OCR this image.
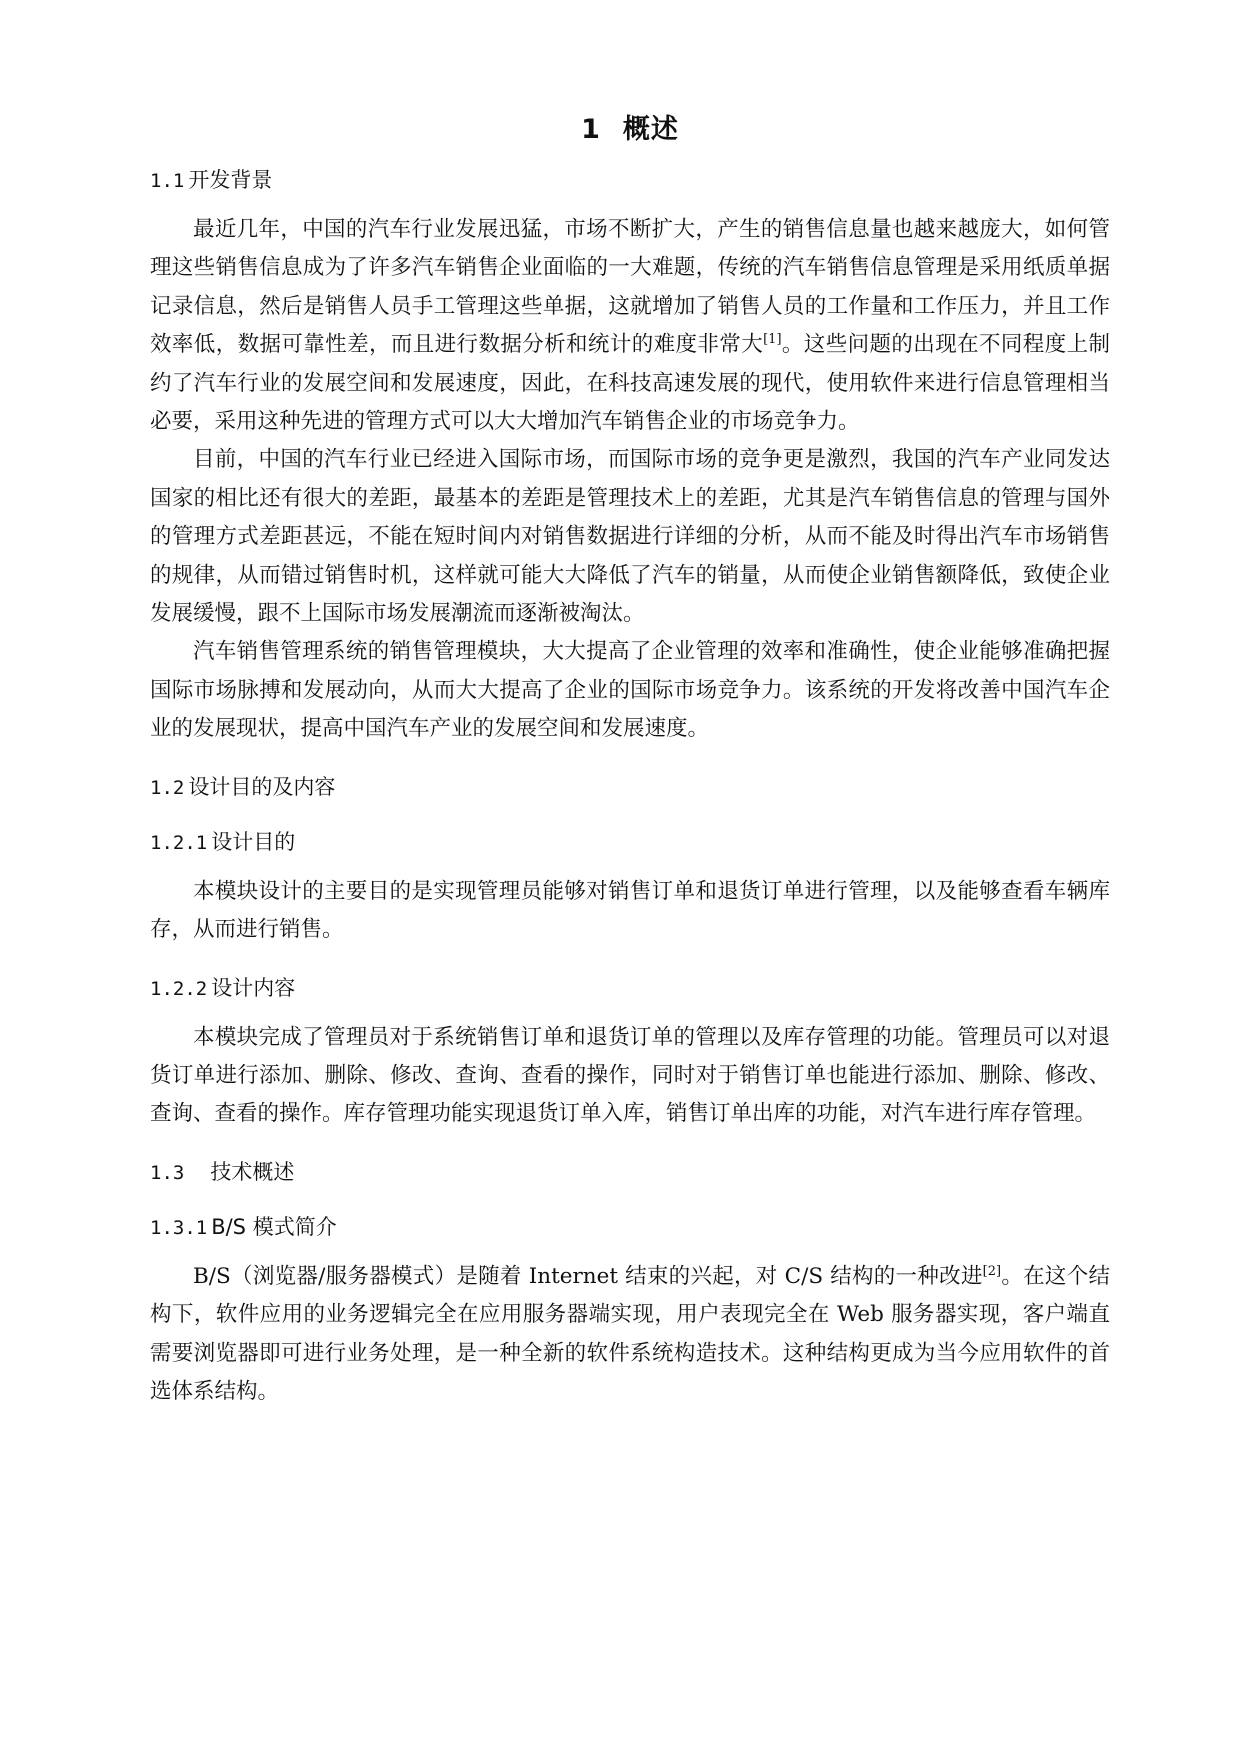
1 概述
1.1 开发背景

最近几年，中国的汽车行业发展迅猛，市场不断扩大，产生的销售信息量也越来越庞大，如何管理这些销售信息成为了许多汽车销售企业面临的一大难题，传统的汽车销售信息管理是采用纸质单据记录信息，然后是销售人员手工管理这些单据，这就增加了销售人员的工作量和工作压力，并且工作效率低，数据可靠性差，而且进行数据分析和统计的难度非常大[1]。这些问题的出现在不同程度上制约了汽车行业的发展空间和发展速度，因此，在科技高速发展的现代，使用软件来进行信息管理相当必要，采用这种先进的管理方式可以大大增加汽车销售企业的市场竞争力。

目前，中国的汽车行业已经进入国际市场，而国际市场的竞争更是激烈，我国的汽车产业同发达国家的相比还有很大的差距，最基本的差距是管理技术上的差距，尤其是汽车销售信息的管理与国外的管理方式差距甚远，不能在短时间内对销售数据进行详细的分析，从而不能及时得出汽车市场销售的规律，从而错过销售时机，这样就可能大大降低了汽车的销量，从而使企业销售额降低，致使企业发展缓慢，跟不上国际市场发展潮流而逐渐被淘汰。

汽车销售管理系统的销售管理模块，大大提高了企业管理的效率和准确性，使企业能够准确把握国际市场脉搏和发展动向，从而大大提高了企业的国际市场竞争力。该系统的开发将改善中国汽车企业的发展现状，提高中国汽车产业的发展空间和发展速度。

1.2 设计目的及内容
1.2.1 设计目的

本模块设计的主要目的是实现管理员能够对销售订单和退货订单进行管理，以及能够查看车辆库存，从而进行销售。

1.2.2 设计内容

本模块完成了管理员对于系统销售订单和退货订单的管理以及库存管理的功能。管理员可以对退货订单进行添加、删除、修改、查询、查看的操作，同时对于销售订单也能进行添加、删除、修改、查询、查看的操作。库存管理功能实现退货订单入库，销售订单出库的功能，对汽车进行库存管理。

1.3 技术概述
1.3.1 B/S 模式简介

B/S（浏览器/服务器模式）是随着 Internet 结束的兴起，对 C/S 结构的一种改进[2]。在这个结构下，软件应用的业务逻辑完全在应用服务器端实现，用户表现完全在 Web 服务器实现，客户端直需要浏览器即可进行业务处理，是一种全新的软件系统构造技术。这种结构更成为当今应用软件的首选体系结构。
